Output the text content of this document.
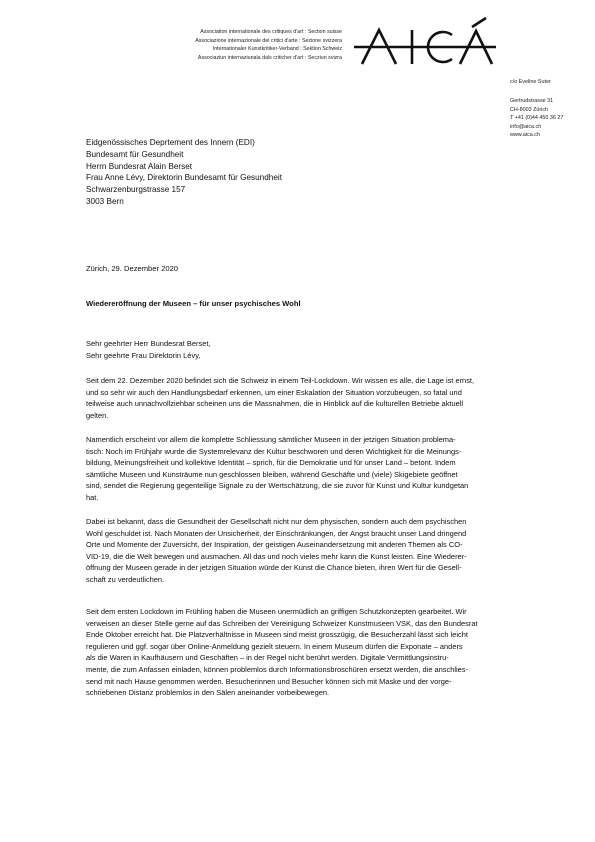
Association internationale des critiques d'art : Section suisse
Associazione internazionale dei critici d'arte : Sezione svizzera
Internationaler Kunstkritiker-Verband : Sektion Schweiz
Associaziun internaziunala dals criticher d'art : Secziun svizra
c/o Eveline Suter
Gertrudstrasse 31
CH-8003 Zürich
T +41 (0)44 450 36 27
info@aica.ch
www.aica.ch
Eidgenössisches Deprtement des Innern (EDI)
Bundesamt für Gesundheit
Herrn Bundesrat Alain Berset
Frau Anne Lévy, Direktorin Bundesamt für Gesundheit
Schwarzenburgstrasse 157
3003 Bern
Zürich, 29. Dezember 2020
Wiedereröffnung der Museen – für unser psychisches Wohl
Sehr geehrter Herr Bundesrat Berset,
Sehr geehrte Frau Direktorin Lévy,
Seit dem 22. Dezember 2020 befindet sich die Schweiz in einem Teil-Lockdown. Wir wissen es alle, die Lage ist ernst,
und so sehr wir auch den Handlungsbedarf erkennen, um einer Eskalation der Situation vorzubeugen, so fatal und
teilweise auch unnachvollziehbar scheinen uns die Massnahmen, die in Hinblick auf die kulturellen Betriebe aktuell
gelten.
Namentlich erscheint vor allem die komplette Schliessung sämtlicher Museen in der jetzigen Situation problema-
tisch: Noch im Frühjahr wurde die Systemrelevanz der Kultur beschworen und deren Wichtigkeit für die Meinungs-
bildung, Meinungsfreiheit und kollektive Identität – sprich, für die Demokratie und für unser Land – betont. Indem
sämtliche Museen und Kunsträume nun geschlossen bleiben, während Geschäfte und (viele) Skigebiete geöffnet
sind, sendet die Regierung gegenteilige Signale zu der Wertschätzung, die sie zuvor für Kunst und Kultur kundgetan
hat.
Dabei ist bekannt, dass die Gesundheit der Gesellschaft nicht nur dem physischen, sondern auch dem psychischen
Wohl geschuldet ist. Nach Monaten der Unsicherheit, der Einschränkungen, der Angst braucht unser Land dringend
Orte und Momente der Zuversicht, der Inspiration, der geistigen Auseinandersetzung mit anderen Themen als CO-
VID-19, die die Welt bewegen und ausmachen. All das und noch vieles mehr kann die Kunst leisten. Eine Wiederer-
öffnung der Museen gerade in der jetzigen Situation würde der Kunst die Chance bieten, ihren Wert für die Gesell-
schaft zu verdeutlichen.
Seit dem ersten Lockdown im Frühling haben die Museen unermüdlich an griffigen Schutzkonzepten gearbeitet. Wir
verweisen an dieser Stelle gerne auf das Schreiben der Vereinigung Schweizer Kunstmuseen VSK, das den Bundesrat
Ende Oktober erreicht hat. Die Platzverhältnisse in Museen sind meist grosszügig, die Besucherzahl lässt sich leicht
regulieren und ggf. sogar über Online-Anmeldung gezielt steuern. In einem Museum dürfen die Exponate – anders
als die Waren in Kaufhäusern und Geschäften – in der Regel nicht berührt werden. Digitale Vermittlungsinstru-
mente, die zum Anfassen einladen, können problemlos durch Informationsbroschüren ersetzt werden, die anschlies-
send mit nach Hause genommen werden. Besucherinnen und Besucher können sich mit Maske und der vorge-
schriebenen Distanz problemlos in den Sälen aneinander vorbeibewegen.
